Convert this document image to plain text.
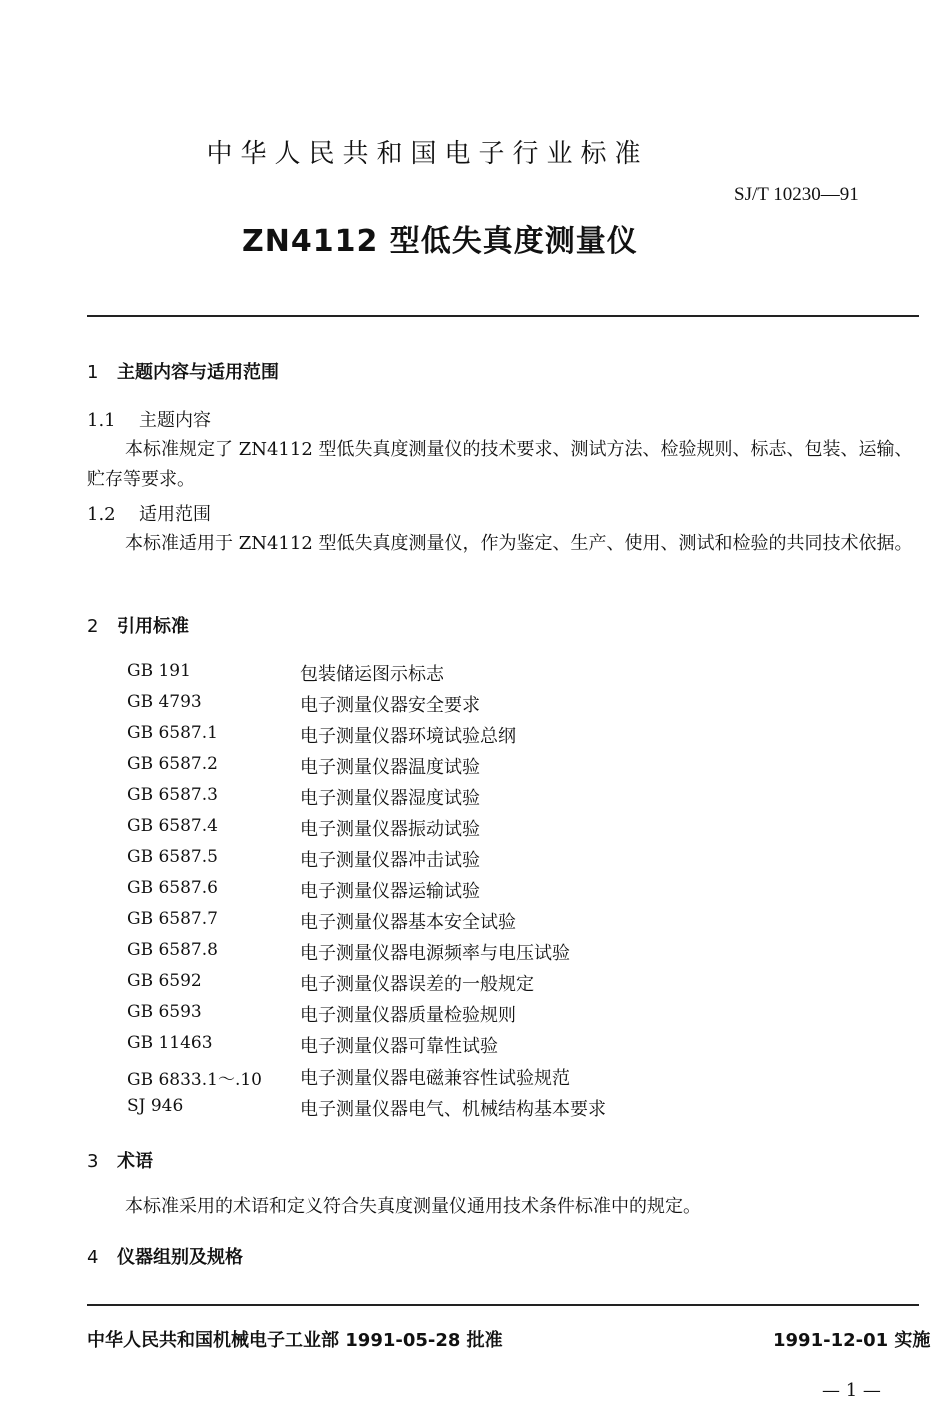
中华人民共和国电子行业标准
SJ/T 10230—91
ZN4112 型低失真度测量仪
1 主题内容与适用范围
1.1 主题内容
本标准规定了 ZN4112 型低失真度测量仪的技术要求、测试方法、检验规则、标志、包装、运输、贮存等要求。
1.2 适用范围
本标准适用于 ZN4112 型低失真度测量仪，作为鉴定、生产、使用、测试和检验的共同技术依据。
2 引用标准
GB 191	包装储运图示标志
GB 4793	电子测量仪器安全要求
GB 6587.1	电子测量仪器环境试验总纲
GB 6587.2	电子测量仪器温度试验
GB 6587.3	电子测量仪器湿度试验
GB 6587.4	电子测量仪器振动试验
GB 6587.5	电子测量仪器冲击试验
GB 6587.6	电子测量仪器运输试验
GB 6587.7	电子测量仪器基本安全试验
GB 6587.8	电子测量仪器电源频率与电压试验
GB 6592	电子测量仪器误差的一般规定
GB 6593	电子测量仪器质量检验规则
GB 11463	电子测量仪器可靠性试验
GB 6833.1～.10 电子测量仪器电磁兼容性试验规范
SJ 946	电子测量仪器电气、机械结构基本要求
3 术语
本标准采用的术语和定义符合失真度测量仪通用技术条件标准中的规定。
4 仪器组别及规格
中华人民共和国机械电子工业部 1991-05-28 批准	1991-12-01 实施
— 1 —
